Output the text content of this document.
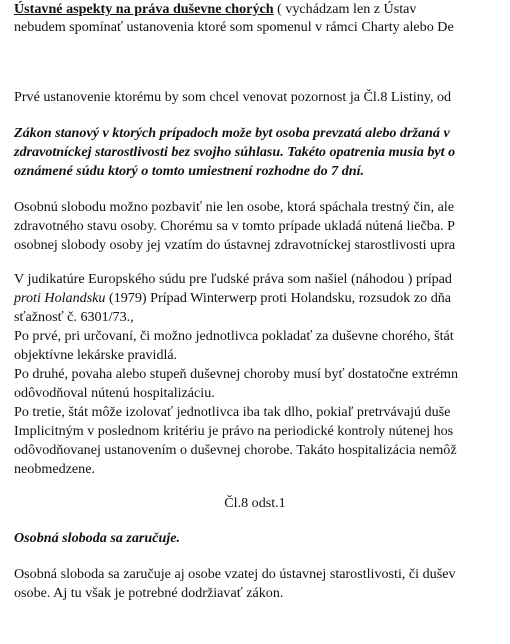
Ústavné aspekty na práva duševne chorých ( vychádzam len z Ústav
nebudem spomínať ustanovenia ktoré som spomenul v rámci Charty alebo De
Prvé ustanovenie ktorému by som chcel venovat pozornost ja Čl.8 Listiny, od
Zákon stanový v ktorých prípadoch može byt osoba prevzatá alebo držaná v
zdravotníckej starostlivosti bez svojho súhlasu. Takéto opatrenia musia byt o
oznámené súdu ktorý o tomto umiestnení rozhodne do 7 dní.
Osobnú slobodu možno pozbaviť nie len osobe, ktorá spáchala trestný čin, ale
zdravotného stavu osoby. Chorému sa v tomto prípade ukladá nútená liečba. P
osobnej slobody osoby jej vzatím do ústavnej zdravotníckej starostlivosti upra
V judikatúre Europského súdu pre ľudské práva som našiel (náhodou ) prípad
proti Holandsku (1979) Prípad Winterwerp proti Holandsku, rozsudok zo dňa
sťažnosť č. 6301/73.,
Po prvé, pri určovaní, či možno jednotlivca pokladať za duševne chorého, štát
objektívne lekárske pravidlá.
Po druhé, povaha alebo stupeň duševnej choroby musí byť dostatočne extrémn
odôvodňoval nútenú hospitalizáciu.
Po tretie, štát môže izolovať jednotlivca iba tak dlho, pokiaľ pretrvávajú duše
Implicitným v poslednom kritériu je právo na periodické kontroly nútenej hos
odôvodňovanej ustanovením o duševnej chorobe. Takáto hospitalizácia nemôž
neobmedzene.
Čl.8 odst.1
Osobná sloboda sa zaručuje.
Osobná sloboda sa zaručuje aj osobe vzatej do ústavnej starostlivosti, či dušev
osobe. Aj tu však je potrebné dodržiavať zákon.
